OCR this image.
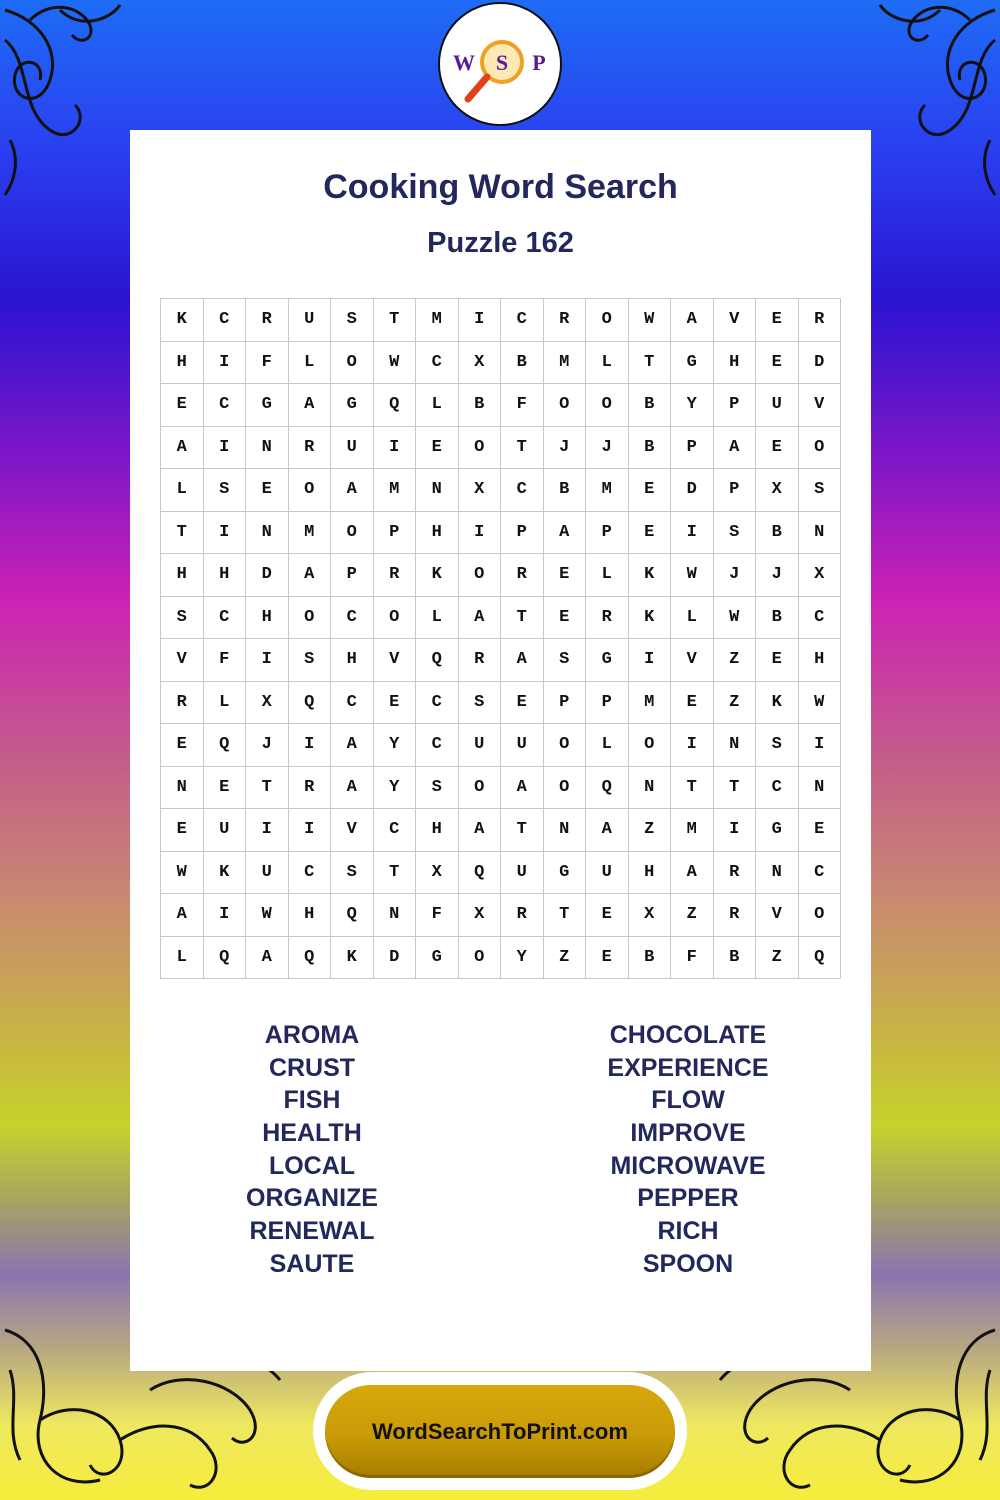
W S P
Cooking Word Search
Puzzle 162
K	C	R	U	S	T	M	I	C	R	O	W	A	V	E	R
H	I	F	L	O	W	C	X	B	M	L	T	G	H	E	D
E	C	G	A	G	Q	L	B	F	O	O	B	Y	P	U	V
A	I	N	R	U	I	E	O	T	J	J	B	P	A	E	O
L	S	E	O	A	M	N	X	C	B	M	E	D	P	X	S
T	I	N	M	O	P	H	I	P	A	P	E	I	S	B	N
H	H	D	A	P	R	K	O	R	E	L	K	W	J	J	X
S	C	H	O	C	O	L	A	T	E	R	K	L	W	B	C
V	F	I	S	H	V	Q	R	A	S	G	I	V	Z	E	H
R	L	X	Q	C	E	C	S	E	P	P	M	E	Z	K	W
E	Q	J	I	A	Y	C	U	U	O	L	O	I	N	S	I
N	E	T	R	A	Y	S	O	A	O	Q	N	T	T	C	N
E	U	I	I	V	C	H	A	T	N	A	Z	M	I	G	E
W	K	U	C	S	T	X	Q	U	G	U	H	A	R	N	C
A	I	W	H	Q	N	F	X	R	T	E	X	Z	R	V	O
L	Q	A	Q	K	D	G	O	Y	Z	E	B	F	B	Z	Q
AROMA
CRUST
FISH
HEALTH
LOCAL
ORGANIZE
RENEWAL
SAUTE
CHOCOLATE
EXPERIENCE
FLOW
IMPROVE
MICROWAVE
PEPPER
RICH
SPOON
WordSearchToPrint.com
